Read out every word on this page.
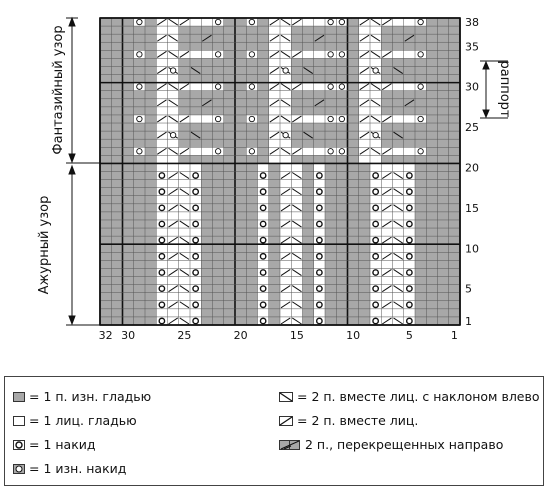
32 30	25	20	15	10	5	1
38
35
30
25
20
15
10
5
1
Фантазийный узор
Ажурный узор
раппорт
= 1 п. изн. гладью
= 1 лиц. гладью
= 1 накид
= 1 изн. накид
= 2 п. вместе лиц. с наклоном влево
= 2 п. вместе лиц.
2 п., перекрещенных направо
